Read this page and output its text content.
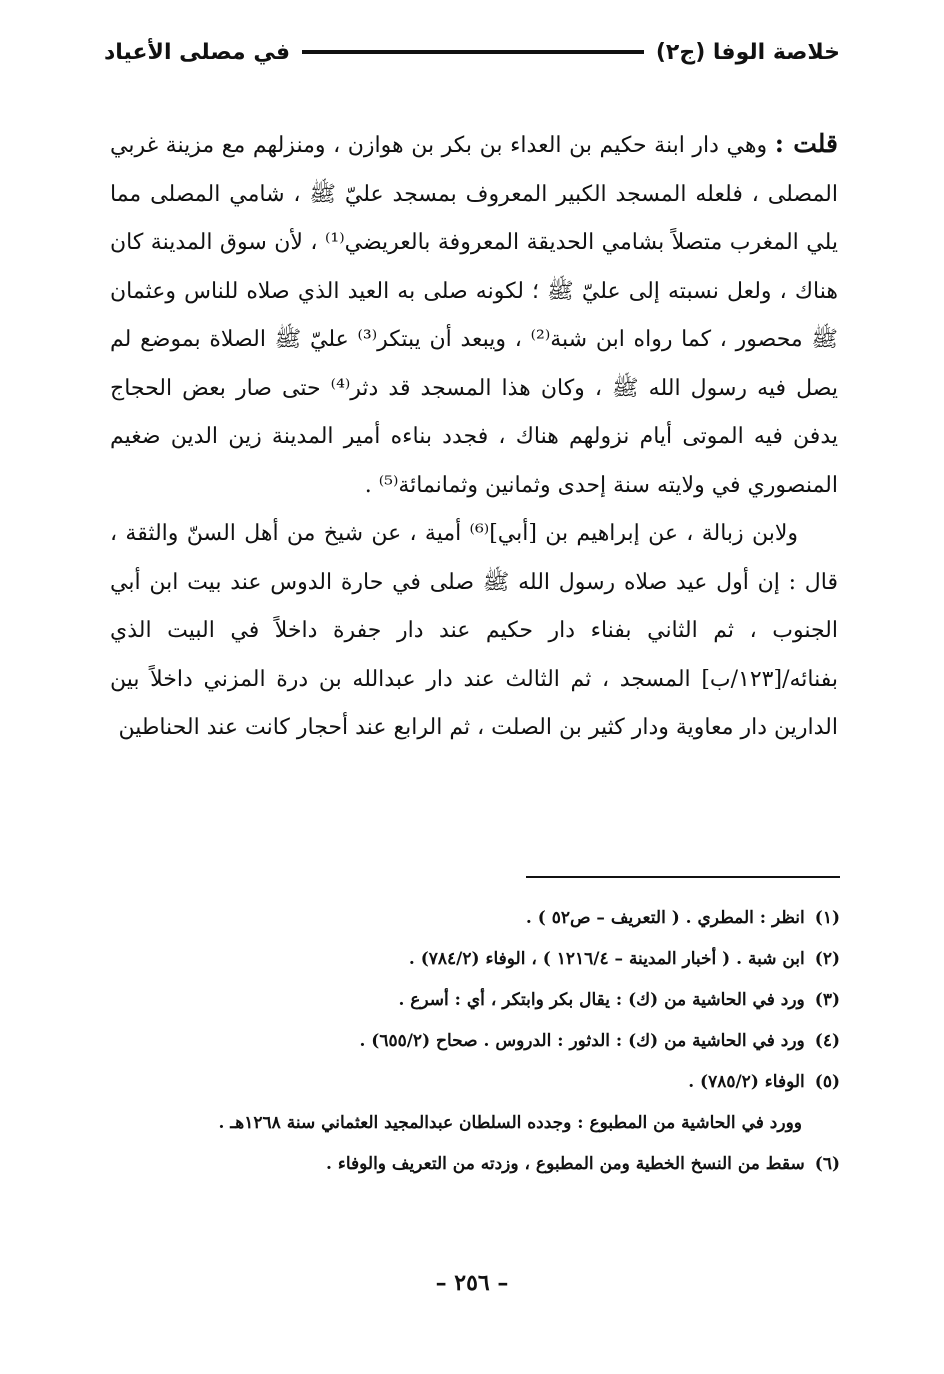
خلاصة الوفا (ج٢)
في مصلى الأعياد

قلت : وهي دار ابنة حكيم بن العداء بن بكر بن هوازن ، ومنزلهم مع مزينة غربي المصلى ، فلعله المسجد الكبير المعروف بمسجد عليّ ﷺ ، شامي المصلى مما يلي المغرب متصلاً بشامي الحديقة المعروفة بالعريضي⁽¹⁾ ، لأن سوق المدينة كان هناك ، ولعل نسبته إلى عليّ ﷺ ؛ لكونه صلى به العيد الذي صلاه للناس وعثمان ﷺ محصور ، كما رواه ابن شبة⁽²⁾ ، ويبعد أن يبتكر⁽³⁾ عليّ ﷺ الصلاة بموضع لم يصل فيه رسول الله ﷺ ، وكان هذا المسجد قد دثر⁽⁴⁾ حتى صار بعض الحجاج يدفن فيه الموتى أيام نزولهم هناك ، فجدد بناءه أمير المدينة زين الدين ضغيم المنصوري في ولايته سنة إحدى وثمانين وثمانمائة⁽⁵⁾ .

ولابن زبالة ، عن إبراهيم بن [أبي]⁽⁶⁾ أمية ، عن شيخ من أهل السنّ والثقة ، قال : إن أول عيد صلاه رسول الله ﷺ صلى في حارة الدوس عند بيت ابن أبي الجنوب ، ثم الثاني بفناء دار حكيم عند دار جفرة داخلاً في البيت الذي بفنائه/[١٢٣/ب] المسجد ، ثم الثالث عند دار عبدالله بن درة المزني داخلاً بين الدارين دار معاوية ودار كثير بن الصلت ، ثم الرابع عند أحجار كانت عند الحناطين

(١)انظر : المطري . ( التعريف – ص٥٢ ) .
(٢)ابن شبة . ( أخبار المدينة – ١٢١٦/٤ ) ، الوفاء (٧٨٤/٢) .
(٣)ورد في الحاشية من (ك) : يقال بكر وابتكر ، أي : أسرع .
(٤)ورد في الحاشية من (ك) : الدثور : الدروس . صحاح (٦٥٥/٢) .
(٥)الوفاء (٧٨٥/٢) .
وورد في الحاشية من المطبوع : وجدده السلطان عبدالمجيد العثماني سنة ١٢٦٨هـ .
(٦)سقط من النسخ الخطية ومن المطبوع ، وزدته من التعريف والوفاء .
– ٢٥٦ –
